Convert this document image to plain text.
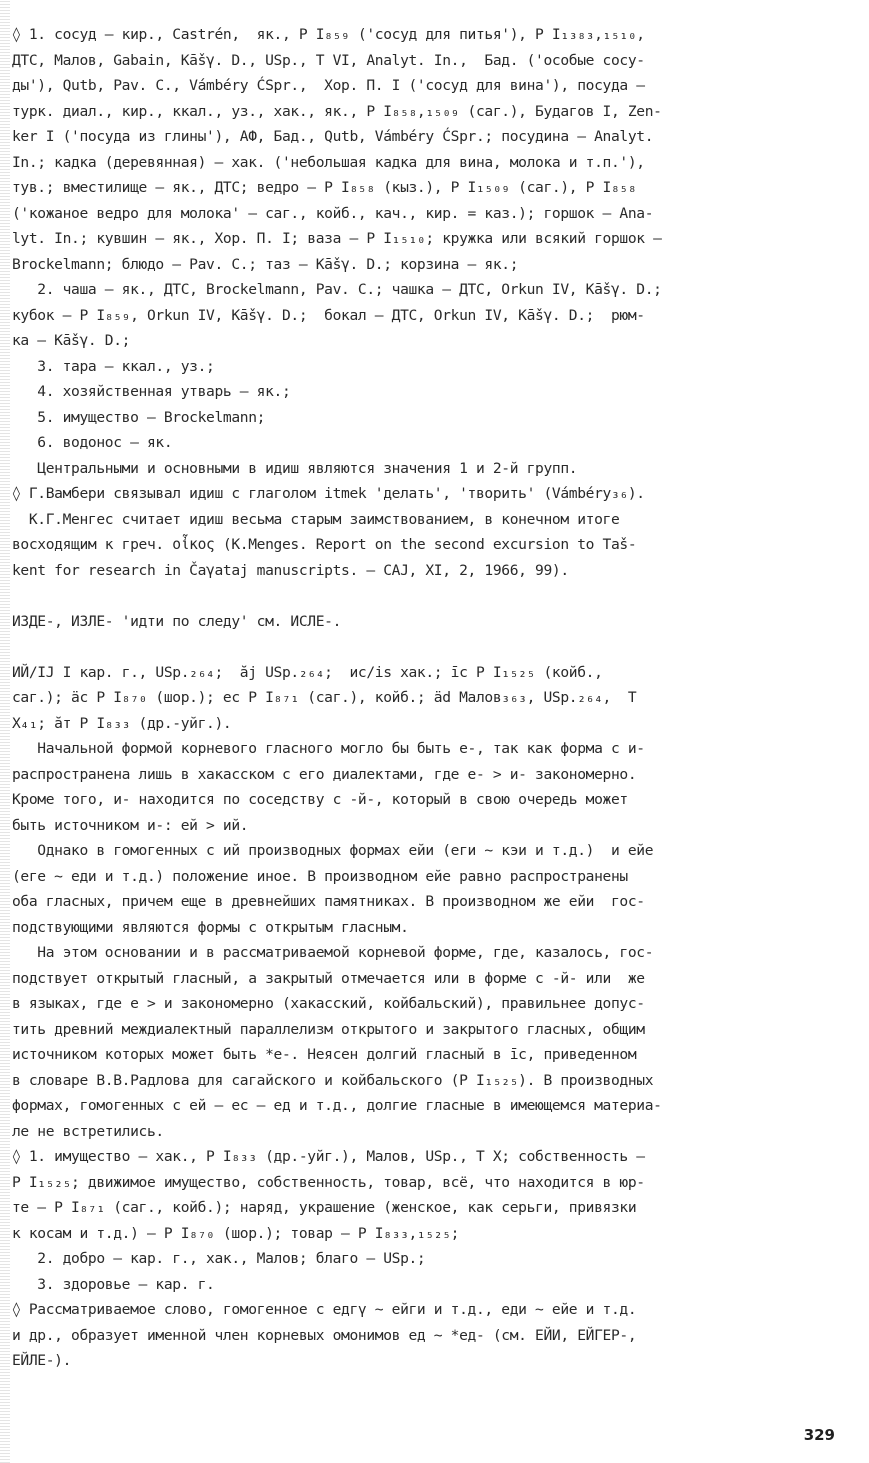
◊ 1. сосуд – кир., Castrén,  як., Р I₈₅₉ ('сосуд для питья'), Р I₁₃₈₃,₁₅₁₀,
ДТС, Малов, Gabain, Kāšγ. D., USp., Т VI, Analyt. In.,  Бад. ('особые сосу-
ды'), Qutb, Pav. C., Vámbéry ĆSpr.,  Хор. П. I ('сосуд для вина'), посуда –
турк. диал., кир., ккал., уз., хак., як., Р I₈₅₈,₁₅₀₉ (саг.), Будагов I, Zen-
ker I ('посуда из глины'), АФ, Бад., Qutb, Vámbéry ĆSpr.; посудина – Analyt.
In.; кадка (деревянная) – хак. ('небольшая кадка для вина, молока и т.п.'),
тув.; вместилище – як., ДТС; ведро – Р I₈₅₈ (кыз.), Р I₁₅₀₉ (саг.), Р I₈₅₈
('кожаное ведро для молока' – саг., койб., кач., кир. = каз.); горшок – Ana-
lyt. In.; кувшин – як., Хор. П. I; ваза – Р I₁₅₁₀; кружка или всякий горшок –
Brockelmann; блюдо – Pav. C.; таз – Kāšγ. D.; корзина – як.;
2. чаша – як., ДТС, Brockelmann, Pav. C.; чашка – ДТС, Orkun IV, Kāšγ. D.;
кубок – Р I₈₅₉, Orkun IV, Kāšγ. D.;  бокал – ДТС, Orkun IV, Kāšγ. D.;  рюм-
ка – Kāšγ. D.;
3. тара – ккал., уз.;
4. хозяйственная утварь – як.;
5. имущество – Brockelmann;
6. водонос – як.
Центральными и основными в идиш являются значения 1 и 2-й групп.
◊ Г.Вамбери связывал идиш с глаголом itmek 'делать', 'творить' (Vámbéry₃₆).
К.Г.Менгес считает идиш весьма старым заимствованием, в конечном итоге
восходящим к греч. οἶκος (K.Menges. Report on the second excursion to Taš-
kent for research in Čaγataj manuscripts. – CAJ, XI, 2, 1966, 99).
ИЗДЕ-, ИЗЛЕ- 'идти по следу' см. ИСЛЕ-.
ИЙ/IJ I кар. г., USp.₂₆₄;  ăj USp.₂₆₄;  ис/is хак.; īс Р I₁₅₂₅ (койб.,
саг.); äс Р I₈₇₀ (шор.); ес Р I₈₇₁ (саг.), койб.; äd Малов₃₆₃, USp.₂₆₄,  Т
X₄₁; ăт Р I₈₃₃ (др.-уйг.).
Начальной формой корневого гласного могло бы быть е-, так как форма с и-
распространена лишь в хакасском с его диалектами, где е- > и- закономерно.
Кроме того, и- находится по соседству с -й-, который в свою очередь может
быть источником и-: ей > ий.
Однако в гомогенных с ий производных формах ейи (еги ~ кэи и т.д.)  и ейе
(еге ~ еди и т.д.) положение иное. В производном ейе равно распространены
оба гласных, причем еще в древнейших памятниках. В производном же ейи  гос-
подствующими являются формы с открытым гласным.
На этом основании и в рассматриваемой корневой форме, где, казалось, гос-
подствует открытый гласный, а закрытый отмечается или в форме с -й- или  же
в языках, где е > и закономерно (хакасский, койбальский), правильнее допус-
тить древний междиалектный параллелизм открытого и закрытого гласных, общим
источником которых может быть *е-. Неясен долгий гласный в īс, приведенном
в словаре В.В.Радлова для сагайского и койбальского (Р I₁₅₂₅). В производных
формах, гомогенных с ей – ес – ед и т.д., долгие гласные в имеющемся материа-
ле не встретились.
◊ 1. имущество – хак., Р I₈₃₃ (др.-уйг.), Малов, USp., Т X; собственность –
Р I₁₅₂₅; движимое имущество, собственность, товар, всё, что находится в юр-
те – Р I₈₇₁ (саг., койб.); наряд, украшение (женское, как серьги, привязки
к косам и т.д.) – Р I₈₇₀ (шор.); товар – Р I₈₃₃,₁₅₂₅;
2. добро – кар. г., хак., Малов; благо – USp.;
3. здоровье – кар. г.
◊ Рассматриваемое слово, гомогенное с едгү ~ ейги и т.д., еди ~ ейе и т.д.
и др., образует именной член корневых омонимов ед ~ *ед- (см. ЕЙИ, ЕЙГЕР-,
ЕЙЛЕ-).
329
